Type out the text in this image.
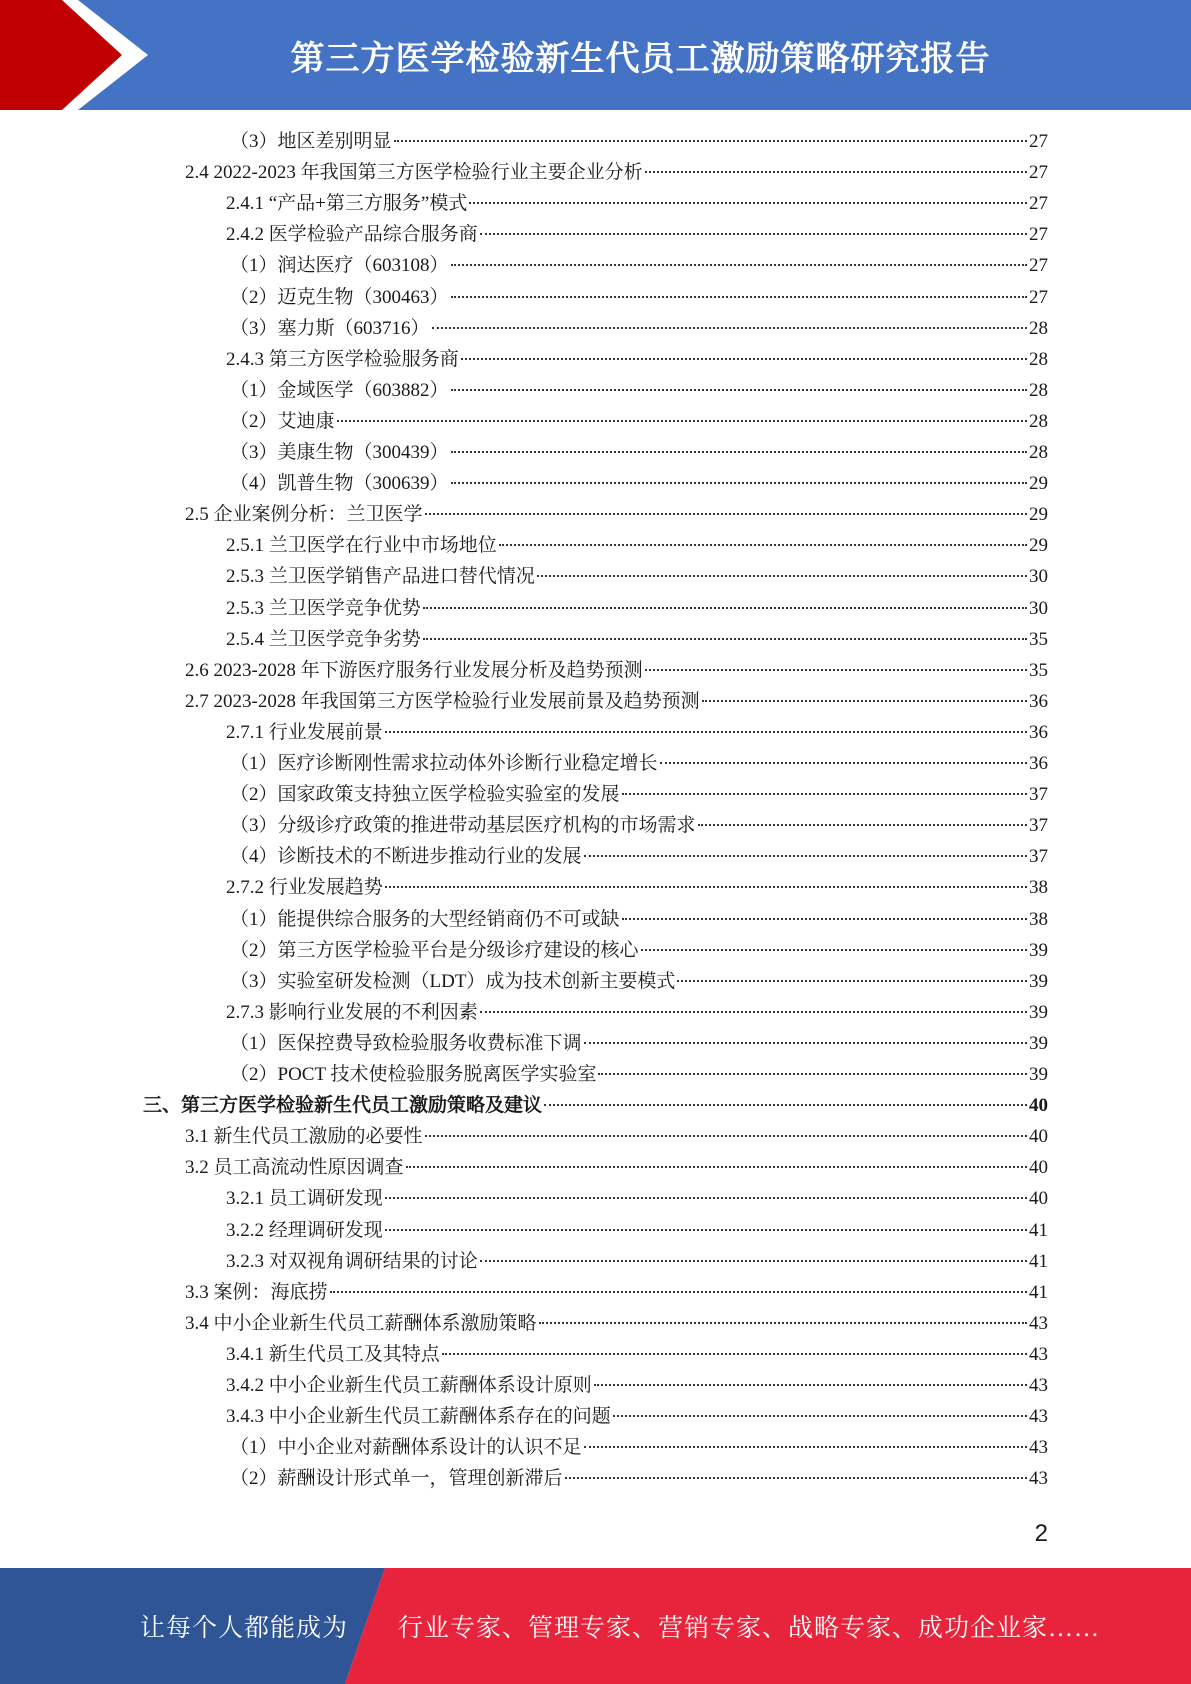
第三方医学检验新生代员工激励策略研究报告
（3）地区差别明显	27
2.4 2022-2023 年我国第三方医学检验行业主要企业分析	27
2.4.1 “产品+第三方服务”模式	27
2.4.2 医学检验产品综合服务商	27
（1）润达医疗（603108）	27
（2）迈克生物（300463）	27
（3）塞力斯（603716）	28
2.4.3 第三方医学检验服务商	28
（1）金域医学（603882）	28
（2）艾迪康	28
（3）美康生物（300439）	28
（4）凯普生物（300639）	29
2.5 企业案例分析：兰卫医学	29
2.5.1 兰卫医学在行业中市场地位	29
2.5.3 兰卫医学销售产品进口替代情况	30
2.5.3 兰卫医学竞争优势	30
2.5.4 兰卫医学竞争劣势	35
2.6 2023-2028 年下游医疗服务行业发展分析及趋势预测	35
2.7 2023-2028 年我国第三方医学检验行业发展前景及趋势预测	36
2.7.1 行业发展前景	36
（1）医疗诊断刚性需求拉动体外诊断行业稳定增长	36
（2）国家政策支持独立医学检验实验室的发展	37
（3）分级诊疗政策的推进带动基层医疗机构的市场需求	37
（4）诊断技术的不断进步推动行业的发展	37
2.7.2 行业发展趋势	38
（1）能提供综合服务的大型经销商仍不可或缺	38
（2）第三方医学检验平台是分级诊疗建设的核心	39
（3）实验室研发检测（LDT）成为技术创新主要模式	39
2.7.3 影响行业发展的不利因素	39
（1）医保控费导致检验服务收费标准下调	39
（2）POCT 技术使检验服务脱离医学实验室	39
三、第三方医学检验新生代员工激励策略及建议	40
3.1 新生代员工激励的必要性	40
3.2 员工高流动性原因调查	40
3.2.1 员工调研发现	40
3.2.2 经理调研发现	41
3.2.3 对双视角调研结果的讨论	41
3.3 案例：海底捞	41
3.4 中小企业新生代员工薪酬体系激励策略	43
3.4.1 新生代员工及其特点	43
3.4.2 中小企业新生代员工薪酬体系设计原则	43
3.4.3 中小企业新生代员工薪酬体系存在的问题	43
（1）中小企业对薪酬体系设计的认识不足	43
（2）薪酬设计形式单一，管理创新滞后	43
2
让每个人都能成为	行业专家、管理专家、营销专家、战略专家、成功企业家……
